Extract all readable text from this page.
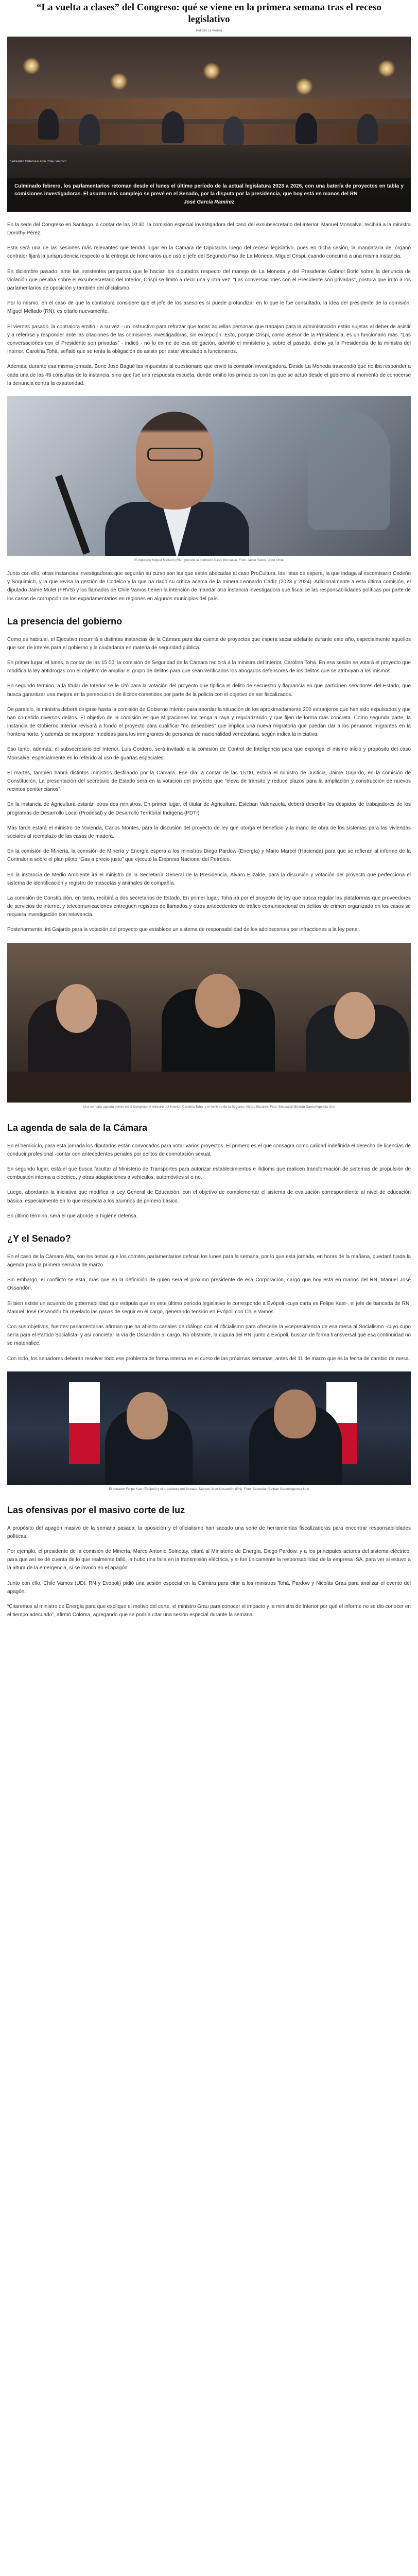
“La vuelta a clases” del Congreso: qué se viene en la primera semana tras el receso legislativo
Noticias La Prensa
Sebastián Cisternas/ Aton Chile / Archivo
Culminado febrero, los parlamentarios retoman desde el lunes el último período de la actual legislatura 2023 a 2026, con una batería de proyectos en tabla y comisiones investigadoras. El asunto más complejo se prevé en el Senado, por la disputa por la presidencia, que hoy está en manos del RN
José García Ramírez

En la sede del Congreso en Santiago, a contar de las 10:30, la comisión especial investigadora del caso del exsubsecretario del Interior, Manuel Monsalve, recibirá a la ministra Dorothy Pérez.

Esta será una de las sesiones más relevantes que tendrá lugar en la Cámara de Diputados luego del receso legislativo, pues en dicha sesión, la mandataria del órgano contralor fijará la jurisprudencia respecto a la entrega de honorarios que usó el jefe del Segundo Piso de La Moneda, Miguel Crispi, cuando concurrió a una misma instancia.

En diciembre pasado, ante las insistentes preguntas que le hacían los diputados respecto del manejo de La Moneda y del Presidente Gabriel Boric sobre la denuncia de violación que pesaba sobre el exsubsecretario del Interior, Crispi se limitó a decir una y otra vez: “Las conversaciones con el Presidente son privadas”, postura que irritó a los parlamentarios de oposición y también del oficialismo.

Por lo mismo, en el caso de que la contralora considere que el jefe de los asesores sí puede profundizar en lo que le fue consultado, la idea del presidente de la comisión, Miguel Mellado (RN), es citarlo nuevamente.

El viernes pasado, la contralora emitió - a su vez - un instructivo para reforzar que todas aquellas personas que trabajan para la administración están sujetas al deber de asistir y a referirse y responder ante las citaciones de las comisiones investigadoras, sin excepción. Esto, porque Crispi, como asesor de la Presidencia, es un funcionario más. “Las conversaciones con el Presidente son privadas” - indicó - no lo exime de esa obligación, advirtió el ministerio y, sobre el pasado, dicho ya la Presidencia de la ministra del Interior, Carolina Tohá, señaló que se tenía la obligación de asistir por estar vinculado a funcionarios.

Además, durante esa misma jornada, Boric José Bagué las impuestas al cuestionario que envió la comisión investigadora. Desde La Moneda trascendió que no iba responder a cada una de las 49 consultas de la instancia, sino que fue una respuesta escueta, donde omitió los principios con los que se actuó desde el gobierno al momento de conocerse la denuncia contra la exautoridad.

El diputado Miguel Mellado (RN), preside la comisión Caso Monsalve. Foto: Javier Salvo / Aton Chile

Junto con ello, otras instancias investigadoras que seguirán su curso son las que están abocadas al caso ProCultura, las listas de espera, la que indaga al excomisario Cedeño y Soquimich, y la que revisa la gestión de Codelco y la que ha dado su crítica acerca de la minera Leonardo Cádiz (2023 y 2024). Adicionalmente a esta última comisión, el diputado Jaime Mulet (FRVS) y los llamados de Chile Vamos tienen la intención de mandar otra instancia investigadora que fiscalice las responsabilidades políticas por parte de los casos de corrupción de los exparlamentarios en regiones en algunos municipios del país.

La presencia del gobierno

Como es habitual, el Ejecutivo recurrirá a distintas instancias de la Cámara para dar cuenta de proyectos que espera sacar adelante durante este año, especialmente aquellos que son de interés para el gobierno y la ciudadanía en materia de seguridad pública.

En primer lugar, el lunes, a contar de las 15:00, la comisión de Seguridad de la Cámara recibirá a la ministra del Interior, Carolina Tohá. En esa sesión se votará el proyecto que modifica la ley antidrogas con el objetivo de ampliar el grupo de delitos para que sean verificados los abogados defensores de los delitos que se atribuyan a los mismos.

En segundo término, a la titular de Interior se le citó para la votación del proyecto que tipifica el delito de secuestro y flagrancia en que participen servidores del Estado, que busca garantizar una mejora en la persecución de ilícitos cometidos por parte de la policía con el objetivo de ser fiscalizados.

De paralelo, la ministra deberá dirigirse hasta la comisión de Gobierno Interior para abordar la situación de los aproximadamente 200 extranjeros que han sido expulsados y que han cometido diversos delitos. El objetivo de la comisión es que Migraciones los tenga a raya y regularizando y que fijen de forma más concreta. Como segunda parte, la instancia de Gobierno Interior revisará a fondo el proyecto para cualificar “no deseables” que implica una nueva migratoria que puedan dar a los peruanos migrantes en la frontera norte, y además de incorporar medidas para los inmigrantes de personas de nacionalidad venezolana, según indica la iniciativa.

Eso tanto, además, el subsecretario del Interior, Luis Cordero, será invitado a la comisión de Control de Inteligencia para que exponga el mismo inicio y propósito del caso Monsalve, especialmente en lo referido al uso de guarías especiales.

El martes, también habrá distintos ministros desfilando por la Cámara. Ese día, a contar de las 15:00, estará el ministro de Justicia, Jaime Gajardo, en la comisión de Constitución. La presentación del secretario de Estado será en la votación del proyecto que “eleva de tránsito y reduce plazos para la ampliación y construcción de nuevos recintos penitenciarios”.

En la instancia de Agricultura estarán otros dos ministros. En primer lugar, el titular de Agricultura, Esteban Valenzuela, deberá describir los despidos de trabajadores de los programas de Desarrollo Local (Prodesal) y de Desarrollo Territorial Indígena (PDTI).

Más tarde estará el ministro de Vivienda, Carlos Montes, para la discusión del proyecto de ley que otorga el beneficio y la mano de obra de los sistemas para las viviendas sociales al reemplazo de las casas de madera.

En la comisión de Minería, la comisión de Minería y Energía espera a los ministros Diego Pardow (Energía) y Mario Marcel (Hacienda) para que se refieran al informe de la Contraloría sobre el plan piloto “Gas a precio justo” que ejecutó la Empresa Nacional del Petróleo.

En la instancia de Medio Ambiente irá el ministro de la Secretaría General de la Presidencia, Álvaro Elizalde, para la discusión y votación del proyecto que perfecciona el sistema de identificación y registro de mascotas y animales de compañía.

La comisión de Constitución, en tanto, recibirá a dos secretarios de Estado. En primer lugar, Tohá irá por el proyecto de ley que busca regular las plataformas que proveedores de servicios de internet y telecomunicaciones entreguen registros de llamados y otros antecedentes de tráfico comunicacional en delitos de crimen organizado en los casos se requiera investigación con relevancia.

Posteriormente, irá Gajardo para la votación del proyecto que establece un sistema de responsabilidad de los adolescentes por infracciones a la ley penal.

Una semana agitada tienen en el Congreso el ministro del Interior, Carolina Tohá, y el ministro de la Segpres, Álvaro Elizalde. Foto: Sebastián Beltrán Gaete/Agencia Uno
La agenda de sala de la Cámara

En el hemiciclo, para esta jornada los diputados están convocados para votar varios proyectos. El primero es el que consagra como calidad indefinida el derecho de licencias de conducir profesional ·contar con antecedentes penales por delitos de connotación sexual.

En segundo lugar, está el que busca facultar al Ministerio de Transportes para autorizar establecimientos e ilidioms que realicen transformación de sistemas de propulsión de combustión interna a eléctrico, y otras adaptaciones a vehículos, automóviles sí o no.

Luego, abordarán la iniciativa que modifica la Ley General de Educación, con el objetivo de complementar el sistema de evaluación correspondiente al nivel de educación básica, especialmente en lo que respecta a los alumnos de primero básico.

En último término, será el que aborde la higiene defensa.

¿Y el Senado?

En el caso de la Cámara Alta, son los temas que los comités parlamentarios definan los lunes para la semana, por lo que esta jornada, en horas de la mañana, quedará fijada la agenda para la primera semana de marzo.

Sin embargo, el conflicto se está, más que en la definición de quién será el próximo presidente de esa Corporación, cargo que hoy está en manos del RN, Manuel José Ossandón.

Si bien existe un acuerdo de gobernabilidad que estipula que en este último período legislativo le corresponde a Evópoli -cuya carta es Felipe Kast-, el jefe de bancada de RN, Manuel José Ossandón ha revelado las ganas de seguir en el cargo, generando tensión en Evópoli con Chile Vamos.

Con sus objetivos, fuentes parlamentarias afirman que ha abierto canales de diálogo con el oficialismo para ofrecerle la vicepresidencia de esa mesa al Socialismo -cuyo cupo sería para el Partido Socialista- y así concretar la vía de Ossandón al cargo. No obstante, la cúpula del RN, junto a Evópoli, buscan de forma transversal que esa continuidad no se materialice.

Con todo, los senadores deberán resolver todo ese problema de forma interna en el curso de las próximas semanas, antes del 11 de marzo que es la fecha de cambio de mesa.

El senador Felipe Kast (Evópoli) y el presidente del Senado, Manuel José Ossandón (RN). Foto: Sebastián Beltrán Gaete/Agencia Uno
Las ofensivas por el masivo corte de luz

A propósito del apagón masivo de la semana pasada, la oposición y el oficialismo han sacado una serie de herramientas fiscalizadoras para encontrar responsabilidades políticas.

Por ejemplo, el presidente de la comisión de Minería, Marco Antonio Solnotay, citará al Ministerio de Energía, Diego Pardow, y a los principales actores del sistema eléctrico, para que así se dé cuenta de lo que realmente falló, la hubo una falla en la transmisión eléctrica, y si fue únicamente la responsabilidad de la empresa ISA, para ver si estuvo a la altura de la emergencia, si se invocó en el apagón.

Junto con ello, Chile Vamos (UDI, RN y Evópoli) pidió una sesión especial en la Cámara para citar a los ministros Tohá, Pardow y Nicolás Grau para analizar el evento del apagón.

“Citaremos al ministro de Energía para que explique el motivo del corte, el ministro Grau para conocer el impacto y la ministra de Interior por qué el informe no se dio conocer en el tiempo adecuado”, afirmó Coloma, agregando que se podría citar una sesión especial durante la semana.
